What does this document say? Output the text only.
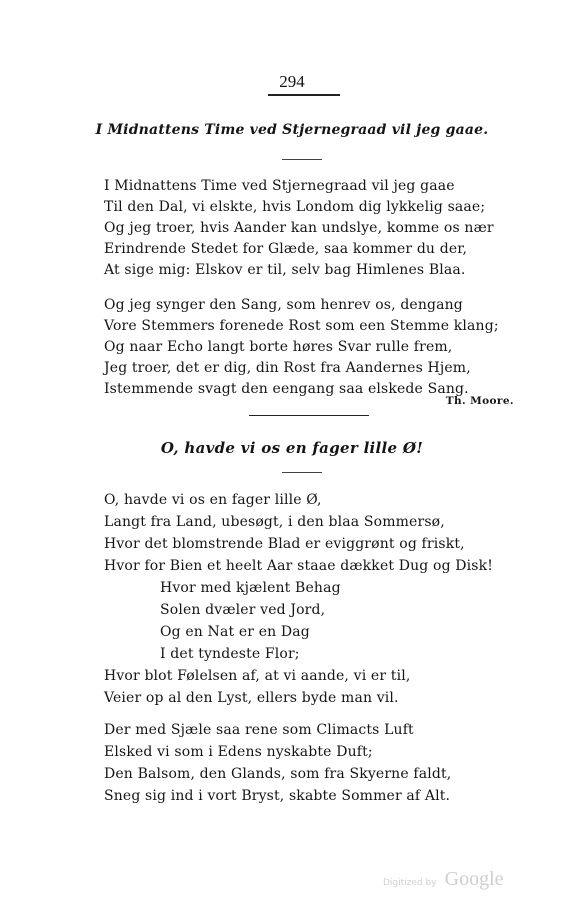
294
I Midnattens Time ved Stjernegraad vil jeg gaae.
I Midnattens Time ved Stjernegraad vil jeg gaae
Til den Dal, vi elskte, hvis Londom dig lykkelig saae;
Og jeg troer, hvis Aander kan undslye, komme os nær
Erindrende Stedet for Glæde, saa kommer du der,
At sige mig: Elskov er til, selv bag Himlenes Blaa.
Og jeg synger den Sang, som henrev os, dengang
Vore Stemmers forenede Rost som een Stemme klang;
Og naar Echo langt borte høres Svar rulle frem,
Jeg troer, det er dig, din Rost fra Aandernes Hjem,
Istemmende svagt den eengang saa elskede Sang.
Th. Moore.
O, havde vi os en fager lille Ø!
O, havde vi os en fager lille Ø,
Langt fra Land, ubesøgt, i den blaa Sommersø,
Hvor det blomstrende Blad er eviggrønt og friskt,
Hvor for Bien et heelt Aar staae dækket Dug og Disk!
Hvor med kjælent Behag
Solen dvæler ved Jord,
Og en Nat er en Dag
I det tyndeste Flor;
Hvor blot Følelsen af, at vi aande, vi er til,
Veier op al den Lyst, ellers byde man vil.
Der med Sjæle saa rene som Climacts Luft
Elsked vi som i Edens nyskabte Duft;
Den Balsom, den Glands, som fra Skyerne faldt,
Sneg sig ind i vort Bryst, skabte Sommer af Alt.
Digitized by Google
